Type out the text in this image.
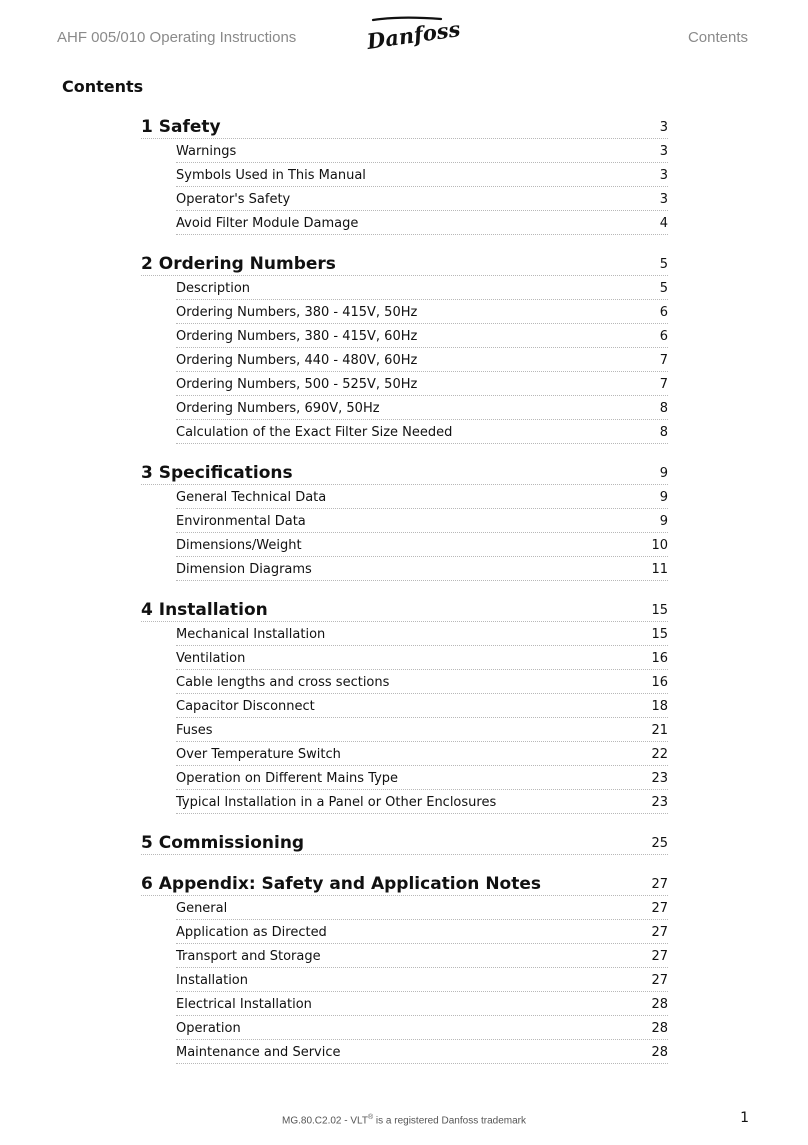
AHF 005/010 Operating Instructions	Danfoss	Contents
Contents
1 Safety	3
Warnings	3
Symbols Used in This Manual	3
Operator's Safety	3
Avoid Filter Module Damage	4
2 Ordering Numbers	5
Description	5
Ordering Numbers, 380 - 415V, 50Hz	6
Ordering Numbers, 380 - 415V, 60Hz	6
Ordering Numbers, 440 - 480V, 60Hz	7
Ordering Numbers, 500 - 525V, 50Hz	7
Ordering Numbers, 690V, 50Hz	8
Calculation of the Exact Filter Size Needed	8
3 Specifications	9
General Technical Data	9
Environmental Data	9
Dimensions/Weight	10
Dimension Diagrams	11
4 Installation	15
Mechanical Installation	15
Ventilation	16
Cable lengths and cross sections	16
Capacitor Disconnect	18
Fuses	21
Over Temperature Switch	22
Operation on Different Mains Type	23
Typical Installation in a Panel or Other Enclosures	23
5 Commissioning	25
6 Appendix: Safety and Application Notes	27
General	27
Application as Directed	27
Transport and Storage	27
Installation	27
Electrical Installation	28
Operation	28
Maintenance and Service	28
MG.80.C2.02 - VLT® is a registered Danfoss trademark	1
